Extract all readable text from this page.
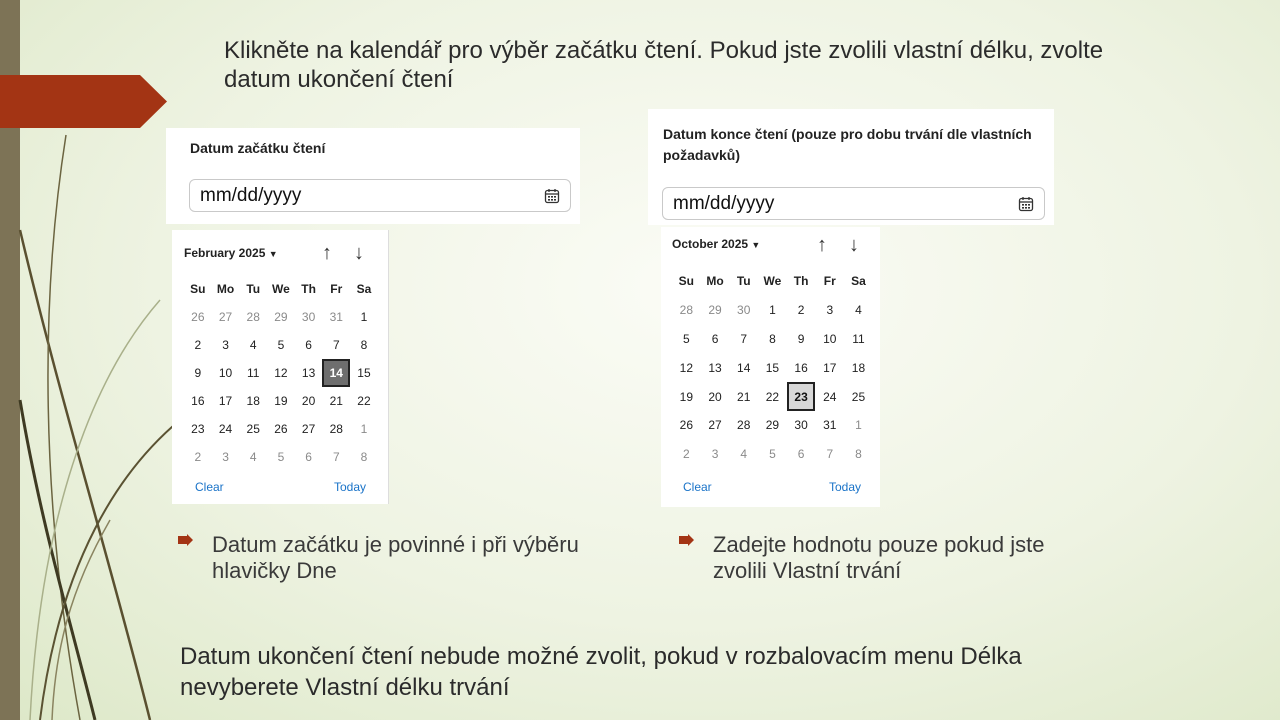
Klikněte na kalendář pro výběr začátku čtení. Pokud jste zvolili vlastní délku, zvolte datum ukončení čtení
Datum začátku čtení
mm/dd/yyyy
February 2025 ▼ ↑ ↓
Su Mo	Tu We Th	Fr	Sa
26	27	28	29	30	31	1
2	3	4	5	6	7	8
9	10	11	12	13	14	15
16	17	18	19	20	21	22
23	24	25	26	27	28	1
2	3	4	5	6	7	8
Clear	Today
Datum konce čtení (pouze pro dobu trvání dle vlastních požadavků)
mm/dd/yyyy
October 2025 ▼	↑ ↓
Su	Mo	Tu	We	Th	Fr	Sa
28	29	30	1	2	3	4
5	6	7	8	9	10	11
12	13	14	15	16	17	18
19	20	21	22	23	24	25
26	27	28	29	30	31	1
2	3	4	5	6	7	8
Clear	Today
Datum začátku je povinné i při výběru hlavičky Dne
Zadejte hodnotu pouze pokud jste zvolili Vlastní trvání
Datum ukončení čtení nebude možné zvolit, pokud v rozbalovacím menu Délka nevyberete Vlastní délku trvání
